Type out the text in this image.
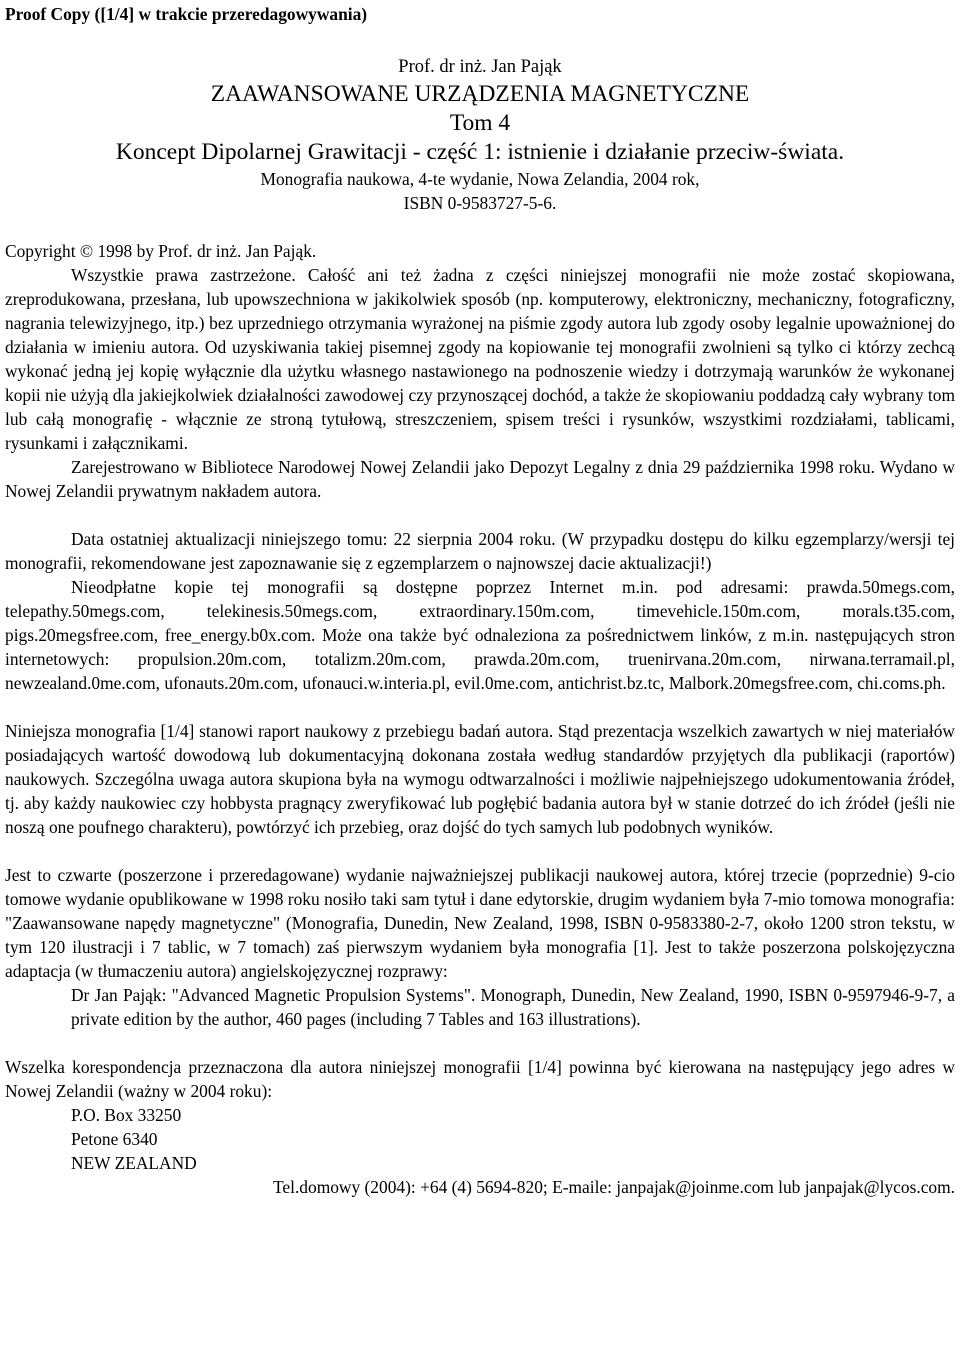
Proof Copy ([1/4] w trakcie przeredagowywania)
Prof. dr inż. Jan Pająk
ZAAWANSOWANE URZĄDZENIA MAGNETYCZNE
Tom 4
Koncept Dipolarnej Grawitacji - część 1: istnienie i działanie przeciw-świata.
Monografia naukowa, 4-te wydanie, Nowa Zelandia, 2004 rok,
ISBN 0-9583727-5-6.
Copyright © 1998 by Prof. dr inż. Jan Pająk.

Wszystkie prawa zastrzeżone. Całość ani też żadna z części niniejszej monografii nie może zostać skopiowana, zreprodukowana, przesłana, lub upowszechniona w jakikolwiek sposób (np. komputerowy, elektroniczny, mechaniczny, fotograficzny, nagrania telewizyjnego, itp.) bez uprzedniego otrzymania wyrażonej na piśmie zgody autora lub zgody osoby legalnie upoważnionej do działania w imieniu autora. Od uzyskiwania takiej pisemnej zgody na kopiowanie tej monografii zwolnieni są tylko ci którzy zechcą wykonać jedną jej kopię wyłącznie dla użytku własnego nastawionego na podnoszenie wiedzy i dotrzymają warunków że wykonanej kopii nie użyją dla jakiejkolwiek działalności zawodowej czy przynoszącej dochód, a także że skopiowaniu poddadzą cały wybrany tom lub całą monografię - włącznie ze stroną tytułową, streszczeniem, spisem treści i rysunków, wszystkimi rozdziałami, tablicami, rysunkami i załącznikami.

Zarejestrowano w Bibliotece Narodowej Nowej Zelandii jako Depozyt Legalny z dnia 29 października 1998 roku. Wydano w Nowej Zelandii prywatnym nakładem autora.

Data ostatniej aktualizacji niniejszego tomu: 22 sierpnia 2004 roku. (W przypadku dostępu do kilku egzemplarzy/wersji tej monografii, rekomendowane jest zapoznawanie się z egzemplarzem o najnowszej dacie aktualizacji!)

Nieodpłatne kopie tej monografii są dostępne poprzez Internet m.in. pod adresami: prawda.50megs.com, telepathy.50megs.com, telekinesis.50megs.com, extraordinary.150m.com, timevehicle.150m.com, morals.t35.com, pigs.20megsfree.com, free_energy.b0x.com. Może ona także być odnaleziona za pośrednictwem linków, z m.in. następujących stron internetowych: propulsion.20m.com, totalizm.20m.com, prawda.20m.com, truenirvana.20m.com, nirwana.terramail.pl, newzealand.0me.com, ufonauts.20m.com, ufonauci.w.interia.pl, evil.0me.com, antichrist.bz.tc, Malbork.20megsfree.com, chi.coms.ph.

Niniejsza monografia [1/4] stanowi raport naukowy z przebiegu badań autora. Stąd prezentacja wszelkich zawartych w niej materiałów posiadających wartość dowodową lub dokumentacyjną dokonana została według standardów przyjętych dla publikacji (raportów) naukowych. Szczególna uwaga autora skupiona była na wymogu odtwarzalności i możliwie najpełniejszego udokumentowania źródeł, tj. aby każdy naukowiec czy hobbysta pragnący zweryfikować lub pogłębić badania autora był w stanie dotrzeć do ich źródeł (jeśli nie noszą one poufnego charakteru), powtórzyć ich przebieg, oraz dojść do tych samych lub podobnych wyników.

Jest to czwarte (poszerzone i przeredagowane) wydanie najważniejszej publikacji naukowej autora, której trzecie (poprzednie) 9-cio tomowe wydanie opublikowane w 1998 roku nosiło taki sam tytuł i dane edytorskie, drugim wydaniem była 7-mio tomowa monografia: "Zaawansowane napędy magnetyczne" (Monografia, Dunedin, New Zealand, 1998, ISBN 0-9583380-2-7, około 1200 stron tekstu, w tym 120 ilustracji i 7 tablic, w 7 tomach) zaś pierwszym wydaniem była monografia [1]. Jest to także poszerzona polskojęzyczna adaptacja (w tłumaczeniu autora) angielskojęzycznej rozprawy:

Dr Jan Pająk: "Advanced Magnetic Propulsion Systems". Monograph, Dunedin, New Zealand, 1990, ISBN 0-9597946-9-7, a private edition by the author, 460 pages (including 7 Tables and 163 illustrations).

Wszelka korespondencja przeznaczona dla autora niniejszej monografii [1/4] powinna być kierowana na następujący jego adres w Nowej Zelandii (ważny w 2004 roku):

P.O. Box 33250
Petone 6340
NEW ZEALAND
Tel.domowy (2004): +64 (4) 5694-820; E-maile: janpajak@joinme.com lub janpajak@lycos.com.
